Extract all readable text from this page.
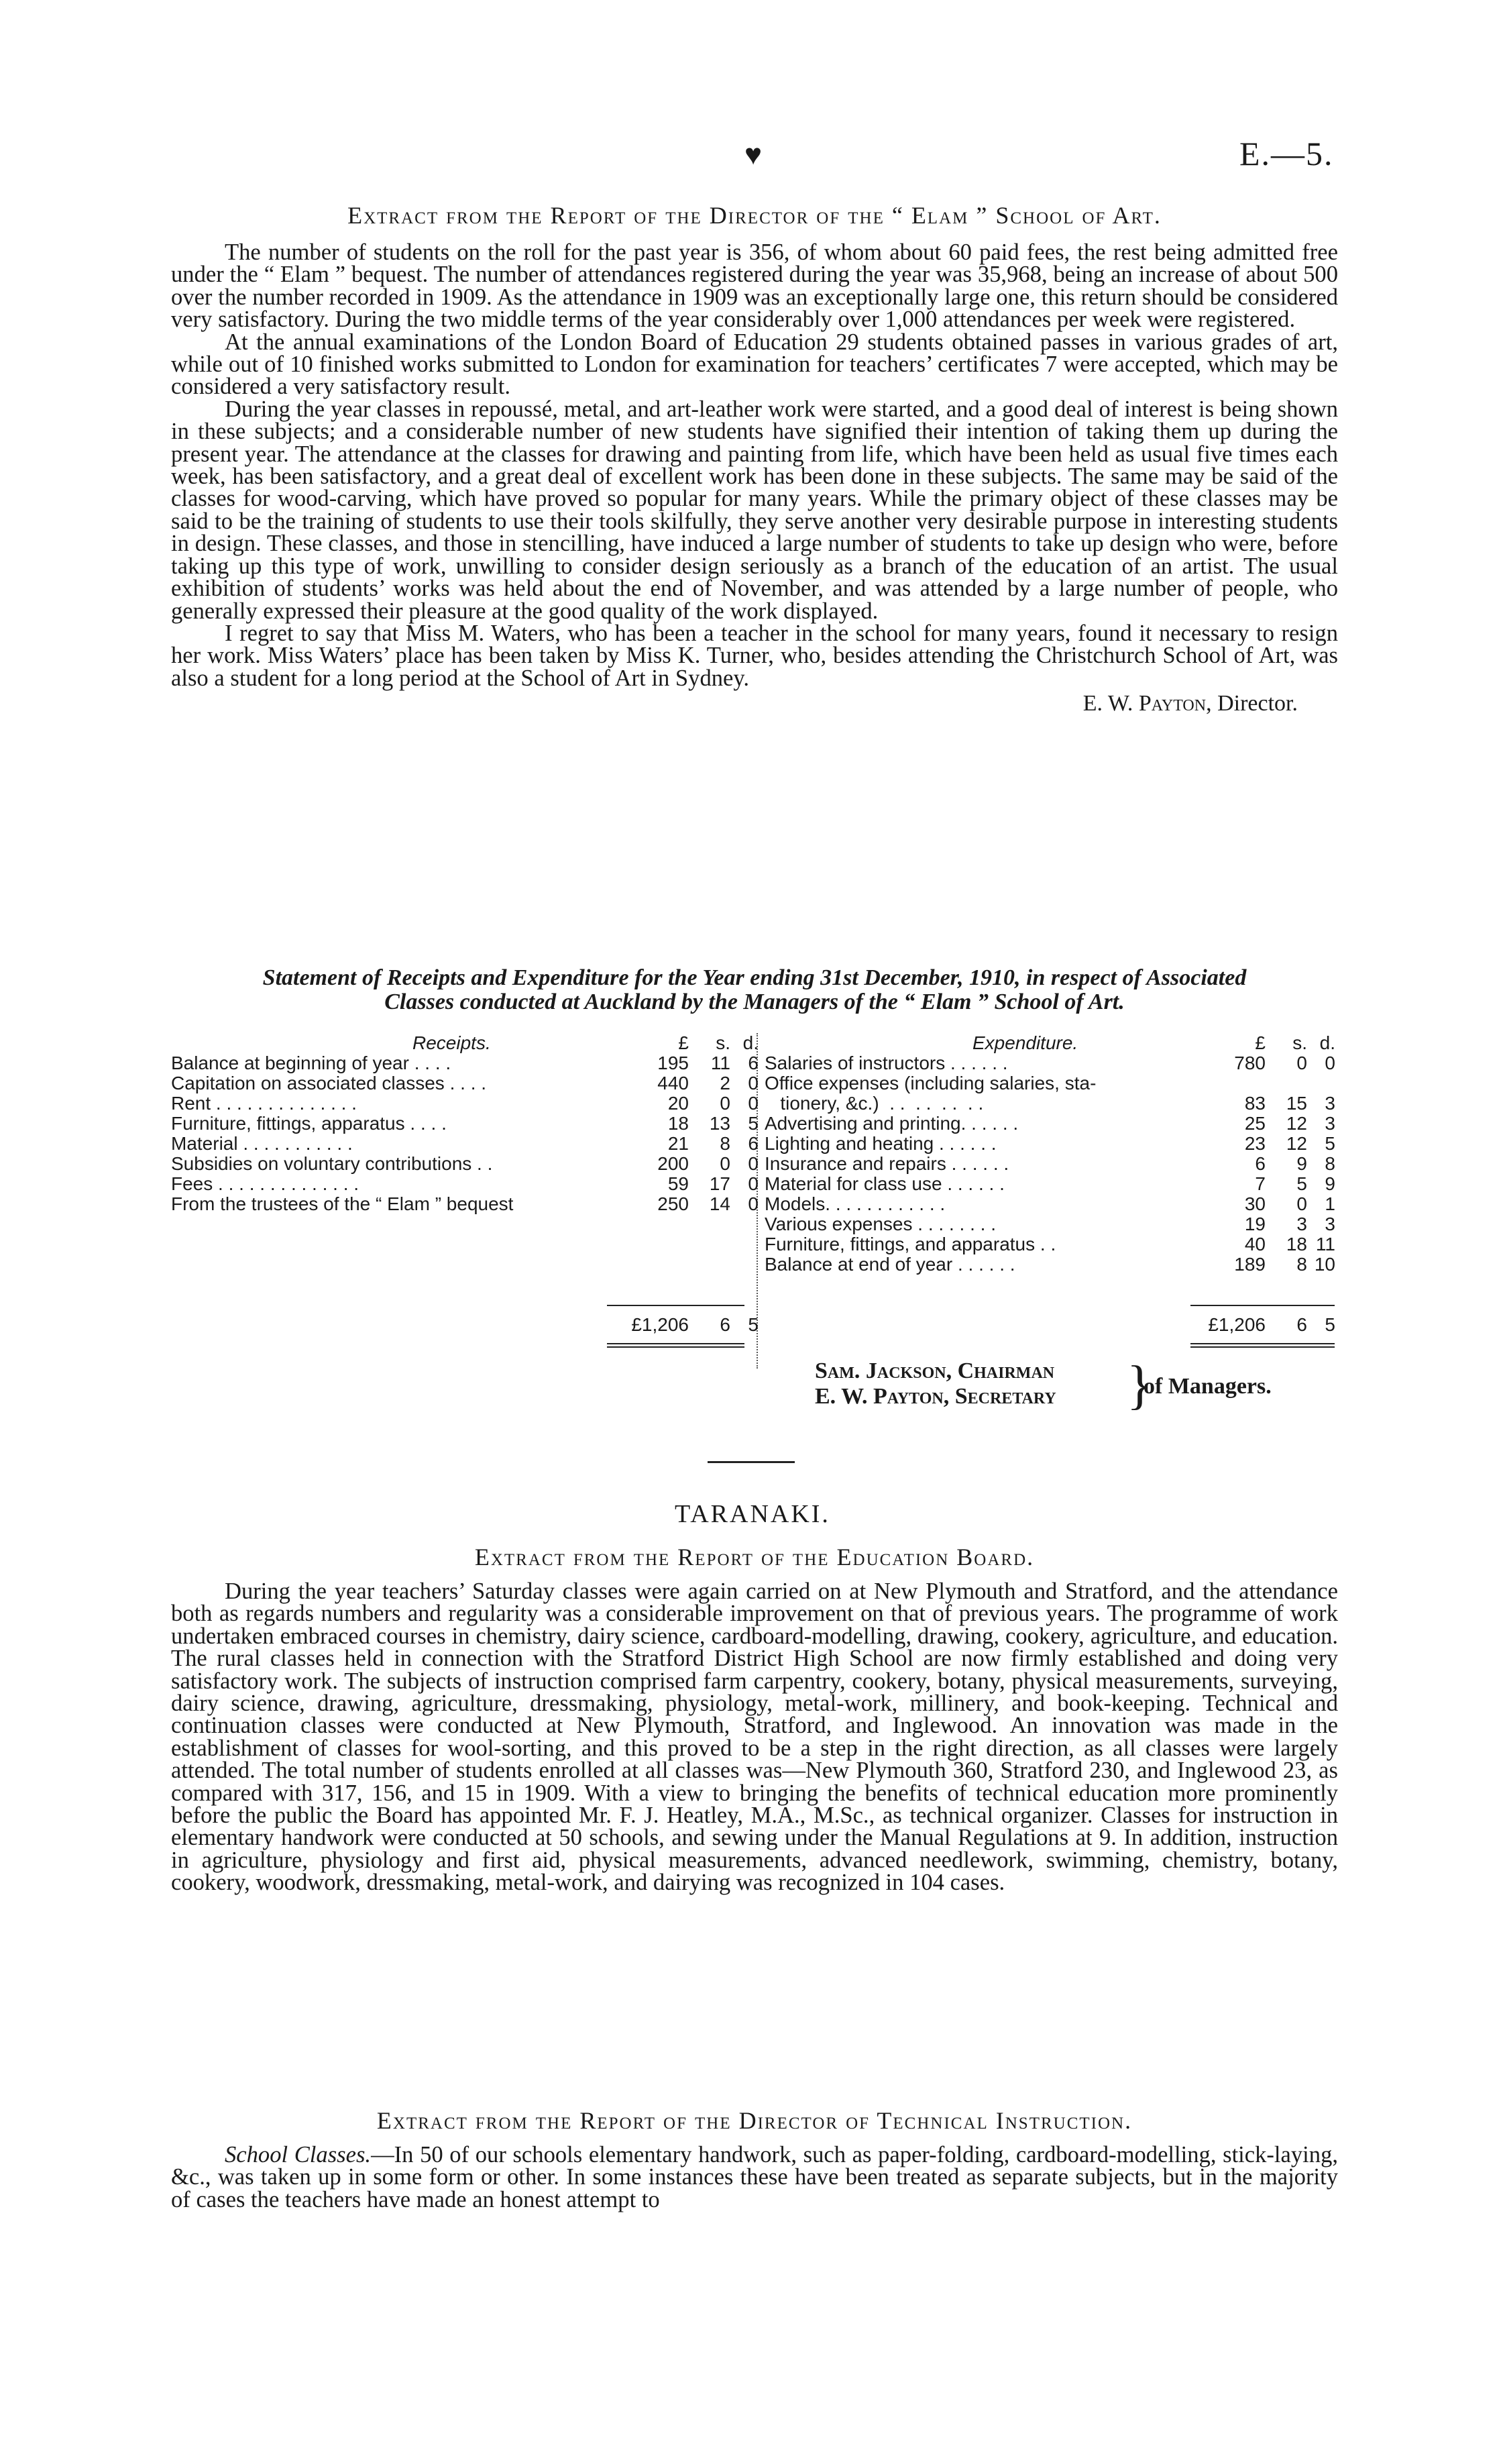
♥	E.—5.
Extract from the Report of the Director of the “ Elam ” School of Art.

The number of students on the roll for the past year is 356, of whom about 60 paid fees, the rest being admitted free under the “ Elam ” bequest. The number of attendances registered during the year was 35,968, being an increase of about 500 over the number recorded in 1909. As the attendance in 1909 was an exceptionally large one, this return should be considered very satisfactory. During the two middle terms of the year considerably over 1,000 attendances per week were registered.

At the annual examinations of the London Board of Education 29 students obtained passes in various grades of art, while out of 10 finished works submitted to London for examination for teachers’ certificates 7 were accepted, which may be considered a very satisfactory result.

During the year classes in repoussé, metal, and art-leather work were started, and a good deal of interest is being shown in these subjects; and a considerable number of new students have signified their intention of taking them up during the present year. The attendance at the classes for drawing and painting from life, which have been held as usual five times each week, has been satisfactory, and a great deal of excellent work has been done in these subjects. The same may be said of the classes for wood-carving, which have proved so popular for many years. While the primary object of these classes may be said to be the training of students to use their tools skilfully, they serve another very desirable purpose in interesting students in design. These classes, and those in stencilling, have induced a large number of students to take up design who were, before taking up this type of work, unwilling to consider design seriously as a branch of the education of an artist. The usual exhibition of students’ works was held about the end of November, and was attended by a large number of people, who generally expressed their pleasure at the good quality of the work displayed.

I regret to say that Miss M. Waters, who has been a teacher in the school for many years, found it necessary to resign her work. Miss Waters’ place has been taken by Miss K. Turner, who, besides attending the Christchurch School of Art, was also a student for a long period at the School of Art in Sydney.

E. W. Payton, Director.
Statement of Receipts and Expenditure for the Year ending 31st December, 1910, in respect of Associated
Classes conducted at Auckland by the Managers of the “ Elam ” School of Art.
Receipts.	£ s. d.
Balance at beginning of year . . . .	195 11 6
Capitation on associated classes . . . .	440 2 0
Rent . . . . . . . . . . . . . .	20 0 0
Furniture, fittings, apparatus . . . .	18 13 5
Material . . . . . . . . . . .	21 8 6
Subsidies on voluntary contributions . .	200 0 0
Fees . . . . . . . . . . . . . .	59 17 0
From the trustees of the “ Elam ” bequest	250 14 0
£1,206 6 5
Expenditure.	£ s. d.
Salaries of instructors . . . . . .	780 0 0
Office expenses (including salaries, sta-
tionery, &c.)  . .  . .  . .  . .	83 15 3
Advertising and printing. . . . . .	25 12 3
Lighting and heating . . . . . .	23 12 5
Insurance and repairs . . . . . .	6 9 8
Material for class use . . . . . .	7 5 9
Models. . . . . . . . . . . .	30 0 1
Various expenses . . . . . . . .	19 3 3
Furniture, fittings, and apparatus . .	40 18 11
Balance at end of year . . . . . .	189 8 10
£1,206 6 5
Sam. Jackson, Chairman
E. W. Payton, Secretary }
of Managers.
TARANAKI.
Extract from the Report of the Education Board.

During the year teachers’ Saturday classes were again carried on at New Plymouth and Stratford, and the attendance both as regards numbers and regularity was a considerable improvement on that of previous years. The programme of work undertaken embraced courses in chemistry, dairy science, cardboard-modelling, drawing, cookery, agriculture, and education. The rural classes held in connection with the Stratford District High School are now firmly established and doing very satisfactory work. The subjects of instruction comprised farm carpentry, cookery, botany, physical measurements, surveying, dairy science, drawing, agriculture, dressmaking, physiology, metal-work, millinery, and book-keeping. Technical and continuation classes were conducted at New Plymouth, Stratford, and Inglewood. An innovation was made in the establishment of classes for wool-sorting, and this proved to be a step in the right direction, as all classes were largely attended. The total number of students enrolled at all classes was—New Plymouth 360, Stratford 230, and Inglewood 23, as compared with 317, 156, and 15 in 1909. With a view to bringing the benefits of technical education more prominently before the public the Board has appointed Mr. F. J. Heatley, M.A., M.Sc., as technical organizer. Classes for instruction in elementary handwork were conducted at 50 schools, and sewing under the Manual Regulations at 9. In addition, instruction in agriculture, physiology and first aid, physical measurements, advanced needlework, swimming, chemistry, botany, cookery, woodwork, dressmaking, metal-work, and dairying was recognized in 104 cases.

Extract from the Report of the Director of Technical Instruction.

School Classes.—In 50 of our schools elementary handwork, such as paper-folding, cardboard-modelling, stick-laying, &c., was taken up in some form or other. In some instances these have been treated as separate subjects, but in the majority of cases the teachers have made an honest attempt to
